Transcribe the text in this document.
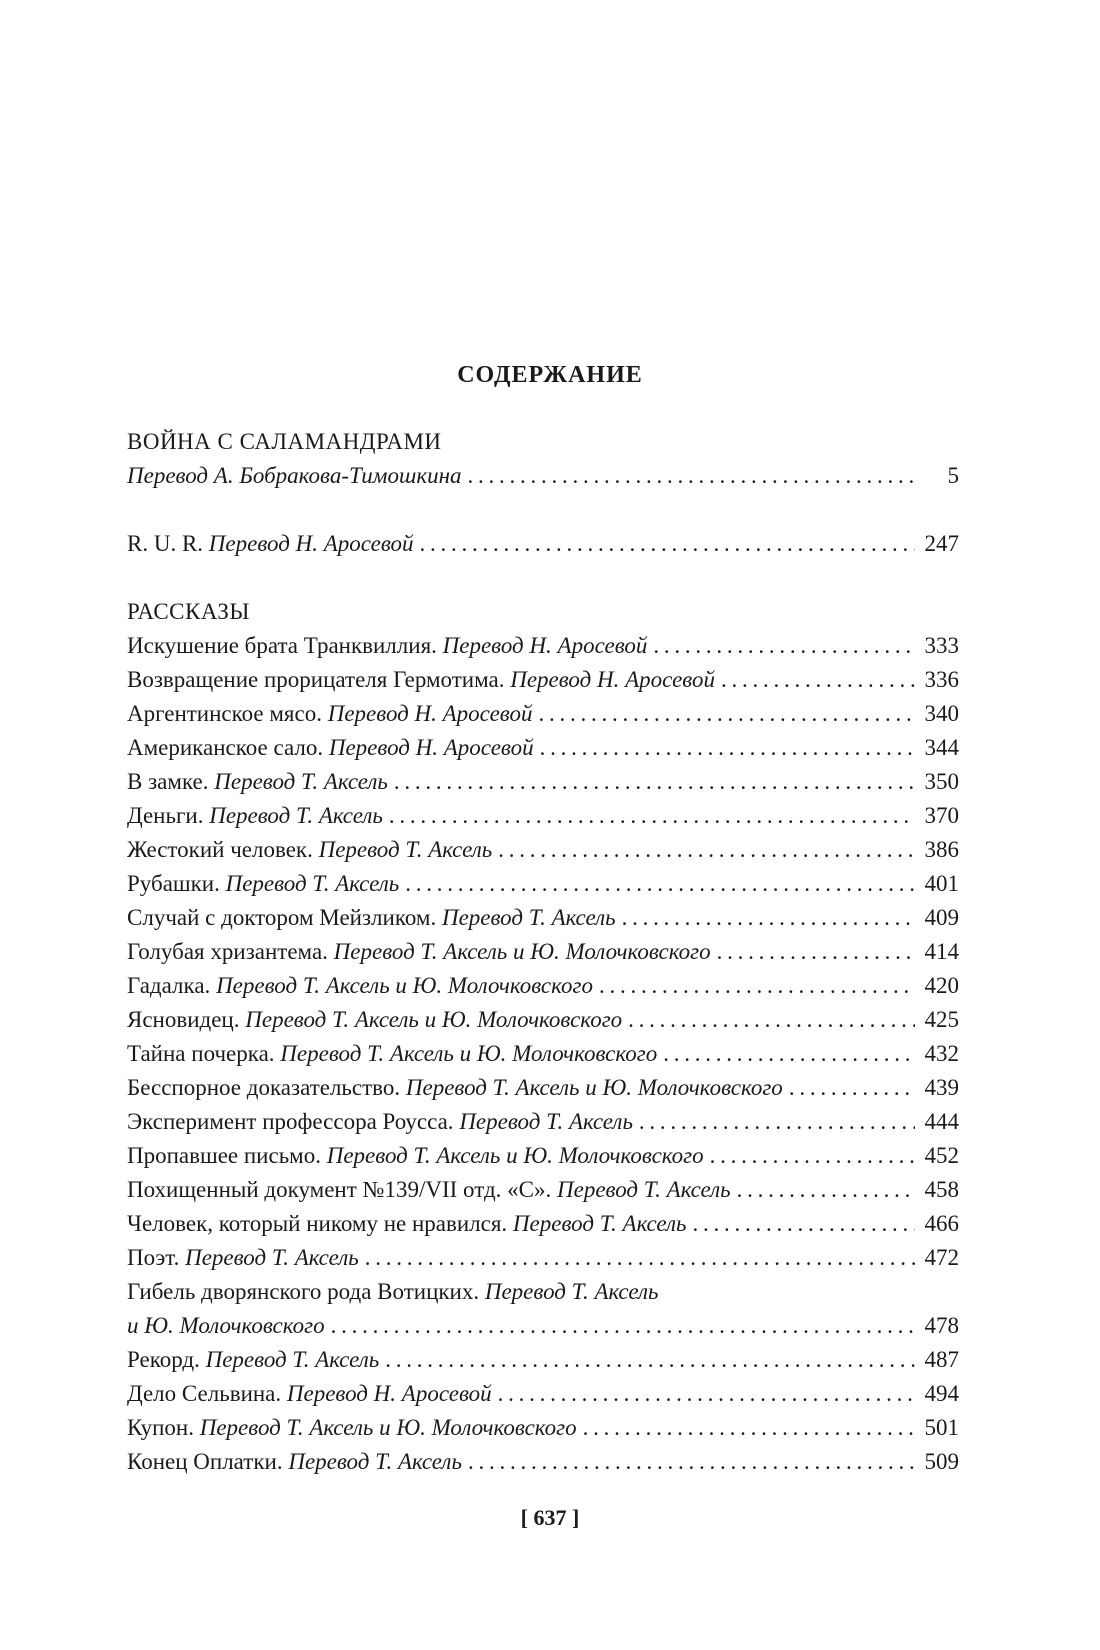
СОДЕРЖАНИЕ
ВОЙНА С САЛАМАНДРАМИ
Перевод А. Бобракова-Тимошкина . . .	5
R. U. R.
Перевод Н. Аросевой . . .	247
РАССКАЗЫ
Искушение брата Транквиллия.
Перевод Н. Аросевой . . .	333
Возвращение прорицателя Гермотима.
Перевод Н. Аросевой . . .	336
Аргентинское мясо.
Перевод Н. Аросевой . . .	340
Американское сало.
Перевод Н. Аросевой . . .	344
В замке.
Перевод Т. Аксель . . .	350
Деньги.
Перевод Т. Аксель . . .	370
Жестокий человек.
Перевод Т. Аксель . . .	386
Рубашки.
Перевод Т. Аксель . . .	401
Случай с доктором Мейзликом.
Перевод Т. Аксель . . .	409
Голубая хризантема.
Перевод Т. Аксель и Ю. Молочковского . . .	414
Гадалка.
Перевод Т. Аксель и Ю. Молочковского . . .	420
Ясновидец.
Перевод Т. Аксель и Ю. Молочковского . . .	425
Тайна почерка.
Перевод Т. Аксель и Ю. Молочковского . . .	432
Бесспорное доказательство.
Перевод Т. Аксель и Ю. Молочковского . . .	439
Эксперимент профессора Роусса.
Перевод Т. Аксель . . .	444
Пропавшее письмо.
Перевод Т. Аксель и Ю. Молочковского . . .	452
Похищенный документ №139/VII отд. «С».
Перевод Т. Аксель . . .	458
Человек, который никому не нравился.
Перевод Т. Аксель . . .	466
Поэт.
Перевод Т. Аксель . . .	472
Гибель дворянского рода Вотицких.
Перевод Т. Аксель
и Ю. Молочковского . . .	478
Рекорд.
Перевод Т. Аксель . . .	487
Дело Сельвина.
Перевод Н. Аросевой . . .	494
Купон.
Перевод Т. Аксель и Ю. Молочковского . . .	501
Конец Оплатки.
Перевод Т. Аксель . . .	509
[ 637 ]
